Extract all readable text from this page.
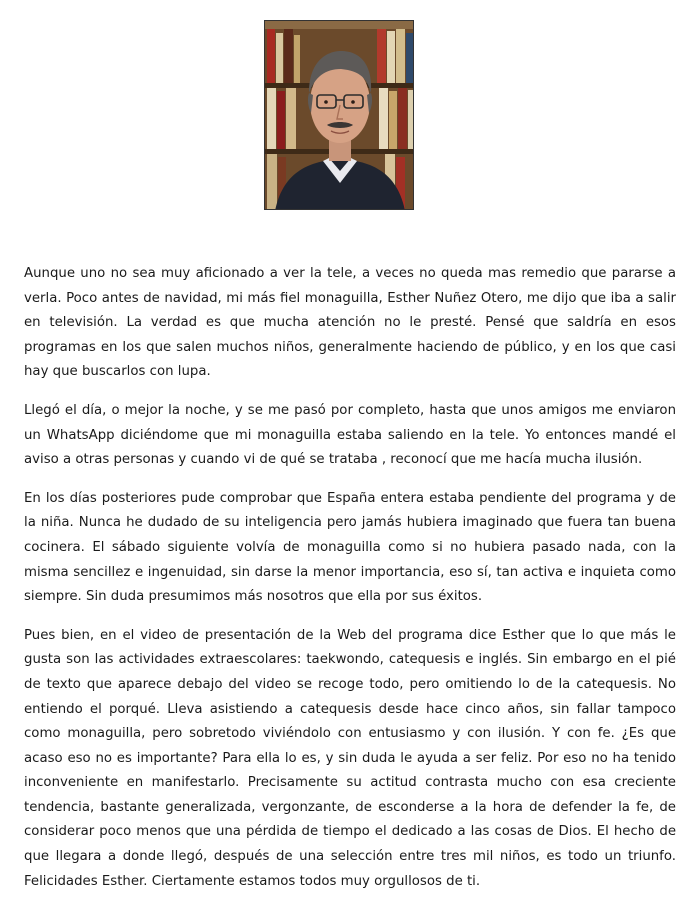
Aunque uno no sea muy aficionado a ver la tele, a veces no queda mas remedio que pararse a verla. Poco antes de navidad, mi más fiel monaguilla, Esther Nuñez Otero, me dijo que iba a salir en televisión. La verdad es que mucha atención no le presté. Pensé que saldría en esos programas en los que salen muchos niños, generalmente haciendo de público, y en los que casi hay que buscarlos con lupa.

Llegó el día, o mejor la noche, y se me pasó por completo, hasta que unos amigos me enviaron un WhatsApp diciéndome que mi monaguilla estaba saliendo en la tele. Yo entonces mandé el aviso a otras personas y cuando vi de qué se trataba , reconocí que me hacía mucha ilusión.

En los días posteriores pude comprobar que España entera estaba pendiente del programa y de la niña. Nunca he dudado de su inteligencia pero jamás hubiera imaginado que fuera tan buena cocinera. El sábado siguiente volvía de monaguilla como si no hubiera pasado nada, con la misma sencillez e ingenuidad, sin darse la menor importancia, eso sí, tan activa e inquieta como siempre. Sin duda presumimos más nosotros que ella por sus éxitos.

Pues bien, en el video de presentación de la Web del programa dice Esther que lo que más le gusta son las actividades extraescolares: taekwondo, catequesis e inglés. Sin embargo en el pié de texto que aparece debajo del video se recoge todo, pero omitiendo lo de la catequesis. No entiendo el porqué. Lleva asistiendo a catequesis desde hace cinco años, sin fallar tampoco como monaguilla, pero sobretodo viviéndolo con entusiasmo y con ilusión. Y con fe. ¿Es que acaso eso no es importante? Para ella lo es, y sin duda le ayuda a ser feliz. Por eso no ha tenido inconveniente en manifestarlo. Precisamente su actitud contrasta mucho con esa creciente tendencia, bastante generalizada, vergonzante, de esconderse a la hora de defender la fe, de considerar poco menos que una pérdida de tiempo el dedicado a las cosas de Dios. El hecho de que llegara a donde llegó, después de una selección entre tres mil niños, es todo un triunfo. Felicidades Esther. Ciertamente estamos todos muy orgullosos de ti.
